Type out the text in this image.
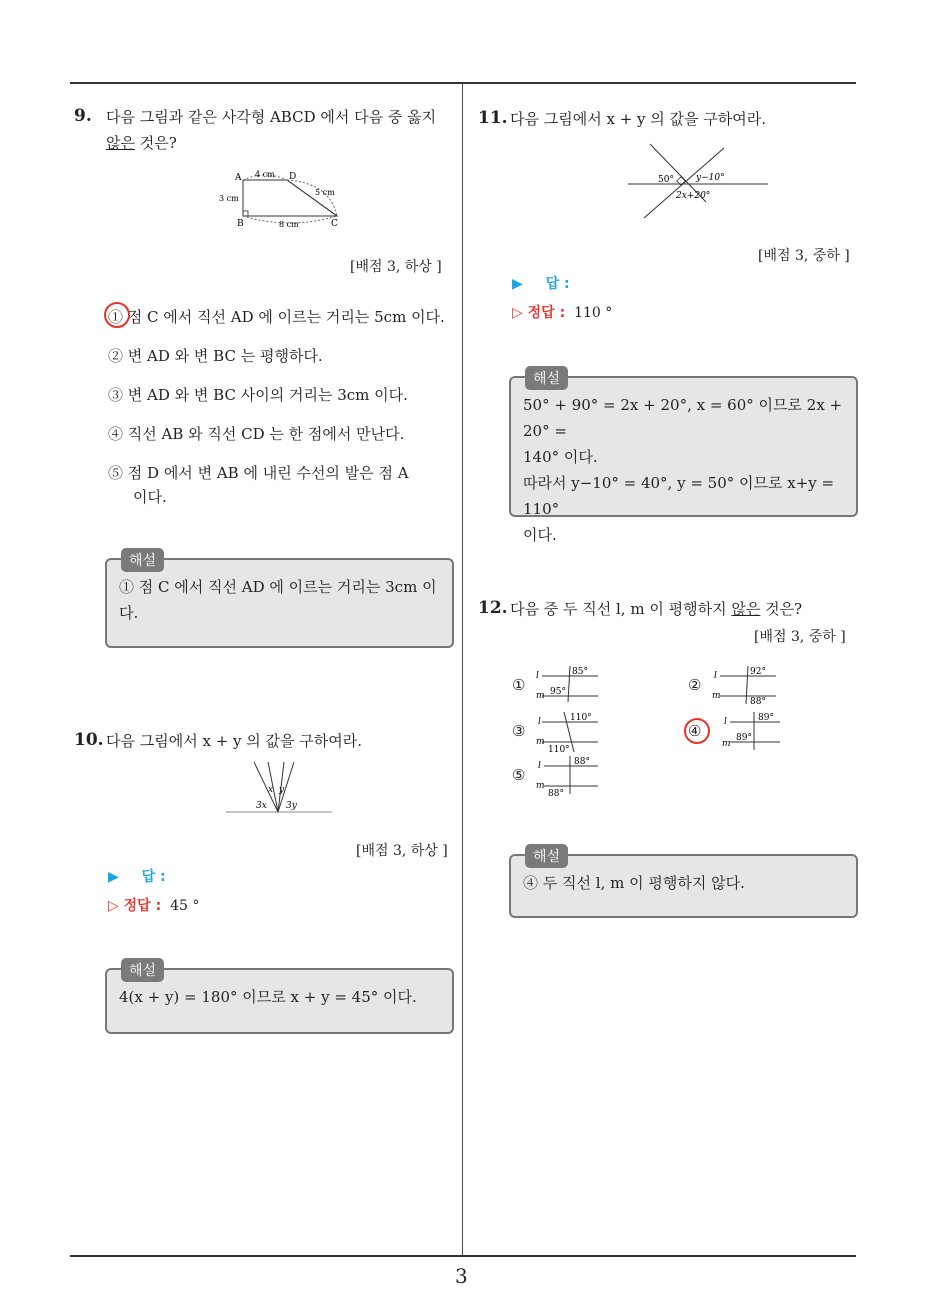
9. 다음 그림과 같은 사각형 ABCD 에서 다음 중 옳지
않은 것은?
A	D
B	C
4 cm
3 cm
8 cm
5 cm
[배점 3, 하상 ]
① 점 C 에서 직선 AD 에 이르는 거리는 5cm 이다.
② 변 AD 와 변 BC 는 평행하다.
③ 변 AD 와 변 BC 사이의 거리는 3cm 이다.
④ 직선 AB 와 직선 CD 는 한 점에서 만난다.
⑤ 점 D 에서 변 AB 에 내린 수선의 발은 점 A
이다.
해설
① 점 C 에서 직선 AD 에 이르는 거리는 3cm 이
다.
10. 다음 그림에서 x + y 의 값을 구하여라.
x y
3x 3y
[배점 3, 하상 ]
▶ 답 :
▷ 정답 : 45 °
해설
4(x + y) = 180° 이므로 x + y = 45° 이다.
11. 다음 그림에서 x + y 의 값을 구하여라.
50° y−10°
2x+20°
[배점 3, 중하 ]
▶ 답 :
▷ 정답 : 110 °
해설
50° + 90° = 2x + 20°, x = 60° 이므로 2x + 20° =
140° 이다.
따라서 y−10° = 40°, y = 50° 이므로 x+y = 110°
이다.
12. 다음 중 두 직선 l, m 이 평행하지 않은 것은?
[배점 3, 중하 ]
① l
m
85°
95°	② l
m
92°
88°
③ l
m
110°
110°
④	l
m
89°
89°
⑤ l
m
88°
88°
해설
④ 두 직선 l, m 이 평행하지 않다.
3
